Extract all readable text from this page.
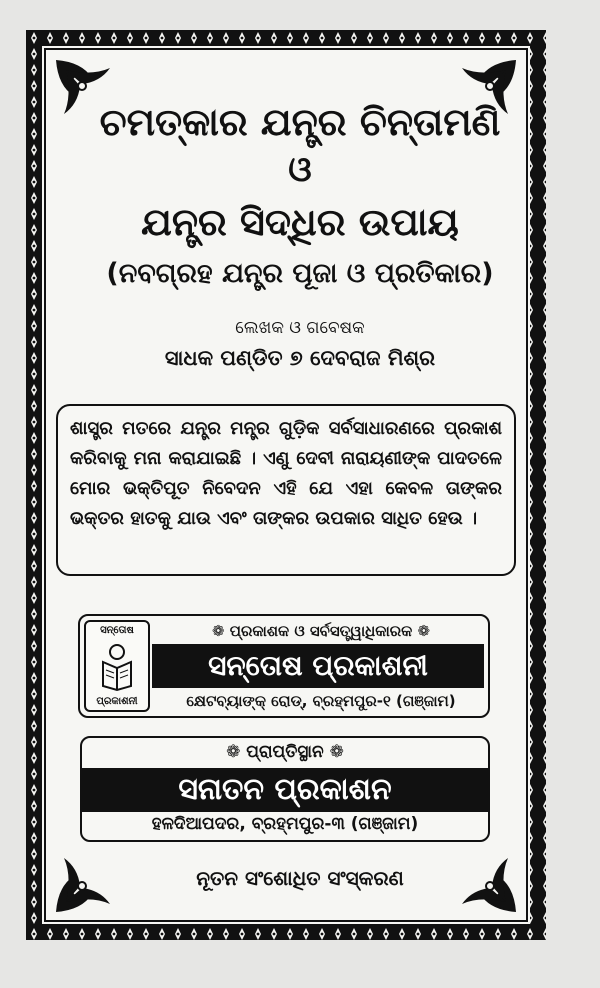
ଚମତ୍କାର ଯନ୍ତ୍ର ଚିନ୍ତାମଣି
ଓ
ଯନ୍ତ୍ର ସିଦ୍ଧିର ଉପାୟ
(ନବଗ୍ରହ ଯନ୍ତ୍ର ପୂଜା ଓ ପ୍ରତିକାର)
ଲେଖକ ଓ ଗବେଷକ
ସାଧକ ପଣ୍ଡିତ ୭ ଦେବରାଜ ମିଶ୍ର

ଶାସ୍ତ୍ର ମତରେ ଯନ୍ତ୍ର ମନ୍ତ୍ର ଗୁଡ଼ିକ ସର୍ବସାଧାରଣରେ ପ୍ରକାଶ କରିବାକୁ ମନା କରାଯାଇଛି । ଏଣୁ ଦେବୀ ନାରାୟଣୀଙ୍କ ପାଦତଳେ ମୋର ଭକ୍ତିପୂତ ନିବେଦନ ଏହି ଯେ ଏହା କେବଳ ତାଙ୍କର ଭକ୍ତର ହାତକୁ ଯାଉ ଏବଂ ତାଙ୍କର ଉପକାର ସାଧିତ ହେଉ ।

ସନ୍ତୋଷ
ପ୍ରକାଶନୀ
❁ ପ୍ରକାଶକ ଓ ସର୍ବସତ୍ତ୍ୱାଧିକାରକ ❁
ସନ୍ତୋଷ ପ୍ରକାଶନୀ
କ୍ଷେଟବ୍ୟାଙ୍କ୍ ରୋଡ୍, ବ୍ରହ୍ମପୁର-୧ (ଗଞ୍ଜାମ)
❁ ପ୍ରାପ୍ତିସ୍ଥାନ ❁
ସନାତନ ପ୍ରକାଶନ
ହଳଦିଆପଦର, ବ୍ରହ୍ମପୁର-୩ (ଗଞ୍ଜାମ)
ନୂତନ ସଂଶୋଧିତ ସଂସ୍କରଣ
